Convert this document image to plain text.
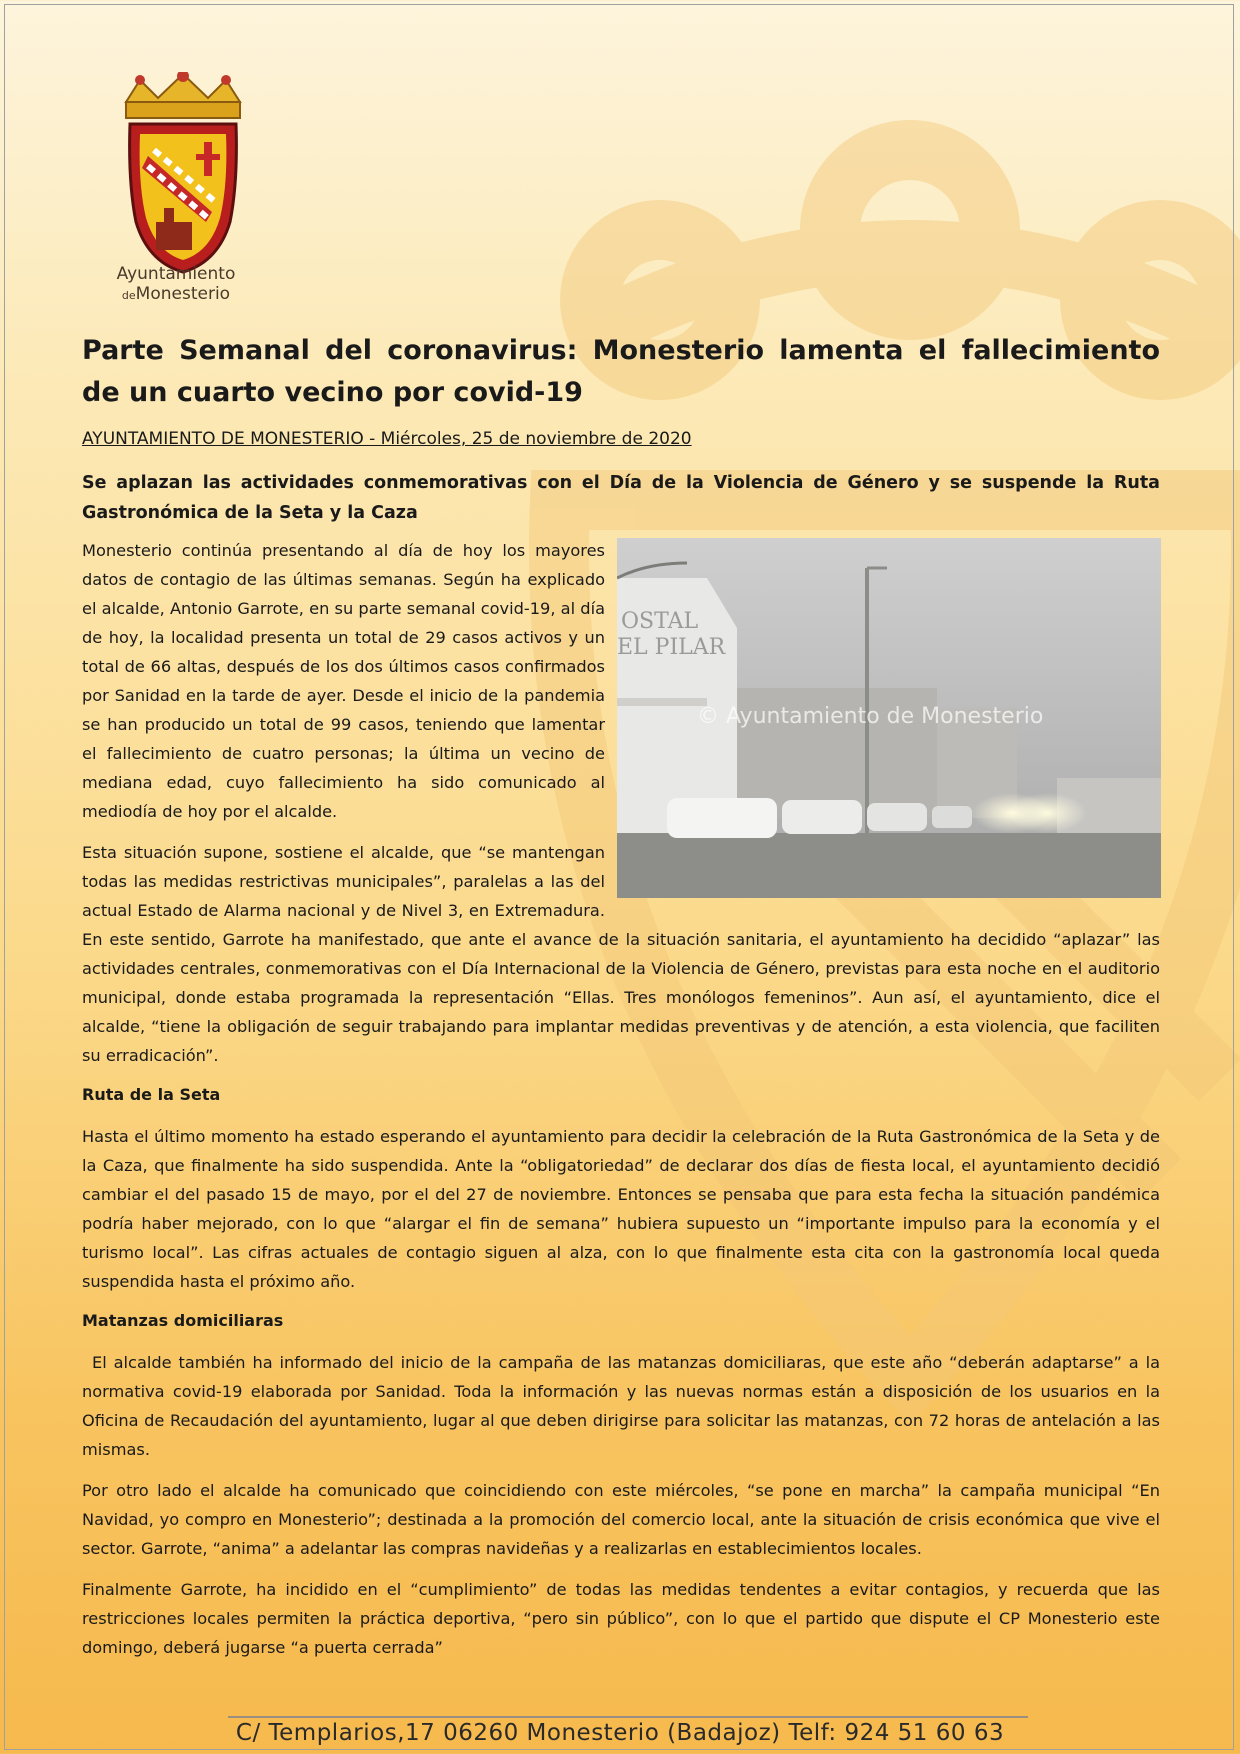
Ayuntamiento
deMonesterio
Parte Semanal del coronavirus: Monesterio lamenta el fallecimiento de un cuarto vecino por covid-19
AYUNTAMIENTO DE MONESTERIO - Miércoles, 25 de noviembre de 2020
Se aplazan las actividades conmemorativas con el Día de la Violencia de Género y se suspende la Ruta Gastronómica de la Seta y la Caza
OSTAL
EL PILAR
© Ayuntamiento de Monesterio

Monesterio continúa presentando al día de hoy los mayores datos de contagio de las últimas semanas. Según ha explicado el alcalde, Antonio Garrote, en su parte semanal covid-19, al día de hoy, la localidad presenta un total de 29 casos activos y un total de 66 altas, después de los dos últimos casos confirmados por Sanidad en la tarde de ayer. Desde el inicio de la pandemia se han producido un total de 99 casos, teniendo que lamentar el fallecimiento de cuatro personas; la última un vecino de mediana edad, cuyo fallecimiento ha sido comunicado al mediodía de hoy por el alcalde.

Esta situación supone, sostiene el alcalde, que “se mantengan todas las medidas restrictivas municipales”, paralelas a las del actual Estado de Alarma nacional y de Nivel 3, en Extremadura. En este sentido, Garrote ha manifestado, que ante el avance de la situación sanitaria, el ayuntamiento ha decidido “aplazar” las actividades centrales, conmemorativas con el Día Internacional de la Violencia de Género, previstas para esta noche en el auditorio municipal, donde estaba programada la representación “Ellas. Tres monólogos femeninos”. Aun así, el ayuntamiento, dice el alcalde, “tiene la obligación de seguir trabajando para implantar medidas preventivas y de atención, a esta violencia, que faciliten su erradicación”.

Ruta de la Seta

Hasta el último momento ha estado esperando el ayuntamiento para decidir la celebración de la Ruta Gastronómica de la Seta y de la Caza, que finalmente ha sido suspendida. Ante la “obligatoriedad” de declarar dos días de fiesta local, el ayuntamiento decidió cambiar el del pasado 15 de mayo, por el del 27 de noviembre. Entonces se pensaba que para esta fecha la situación pandémica podría haber mejorado, con lo que “alargar el fin de semana” hubiera supuesto un “importante impulso para la economía y el turismo local”. Las cifras actuales de contagio siguen al alza, con lo que finalmente esta cita con la gastronomía local queda suspendida hasta el próximo año.

Matanzas domiciliaras

El alcalde también ha informado del inicio de la campaña de las matanzas domiciliaras, que este año “deberán adaptarse” a la normativa covid-19 elaborada por Sanidad. Toda la información y las nuevas normas están a disposición de los usuarios en la Oficina de Recaudación del ayuntamiento, lugar al que deben dirigirse para solicitar las matanzas, con 72 horas de antelación a las mismas.

Por otro lado el alcalde ha comunicado que coincidiendo con este miércoles, “se pone en marcha” la campaña municipal “En Navidad, yo compro en Monesterio”; destinada a la promoción del comercio local, ante la situación de crisis económica que vive el sector. Garrote, “anima” a adelantar las compras navideñas y a realizarlas en establecimientos locales.

Finalmente Garrote, ha incidido en el “cumplimiento” de todas las medidas tendentes a evitar contagios, y recuerda que las restricciones locales permiten la práctica deportiva, “pero sin público”, con lo que el partido que dispute el CP Monesterio este domingo, deberá jugarse “a puerta cerrada”

C/ Templarios,17 06260 Monesterio (Badajoz) Telf: 924 51 60 63
